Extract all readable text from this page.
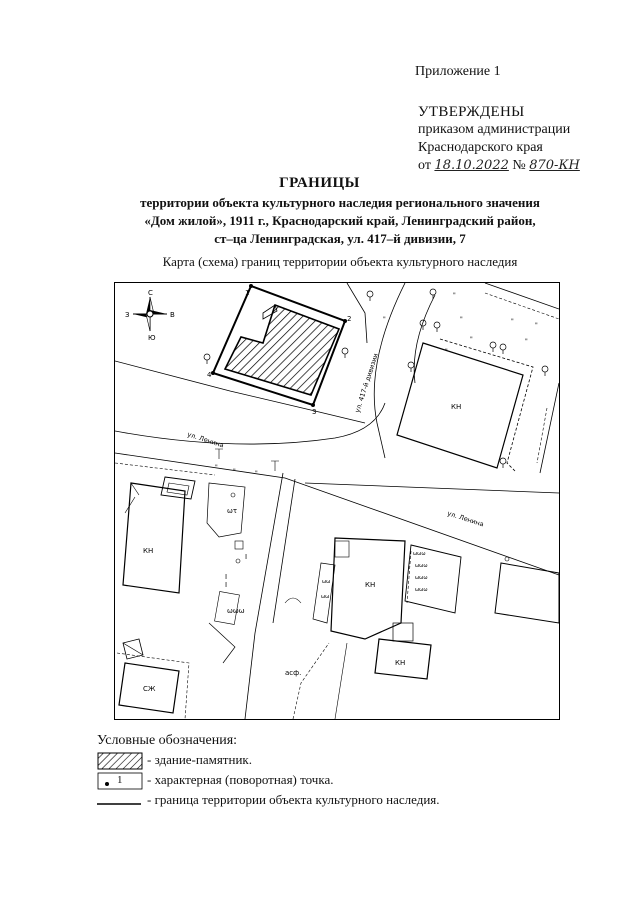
Приложение 1
УТВЕРЖДЕНЫ
приказом администрации
Краснодарского края
от 18.10.2022 № 870-КН
ГРАНИЦЫ
территории объекта культурного наследия регионального значения
«Дом жилой», 1911 г., Краснодарский край, Ленинградский район,
ст–ца Ленинградская, ул. 417–й дивизии, 7
Карта (схема) границ территории объекта культурного наследия
С
З	В
Ю
1
2
3
4
"
"	"
"
"	"
"
"
"
"	"
КН
ул. Ленина
ул. 417-й дивизии
ул. Ленина
КН
I
I
I
ωτ
ωωω
ωωω
ωωω
ωωω
ωωω
ωω
ωω
КН
КН
СЖ
асф.
Условные обозначения:
- здание-памятник.
1 - характерная (поворотная) точка.
- граница территории объекта культурного наследия.
